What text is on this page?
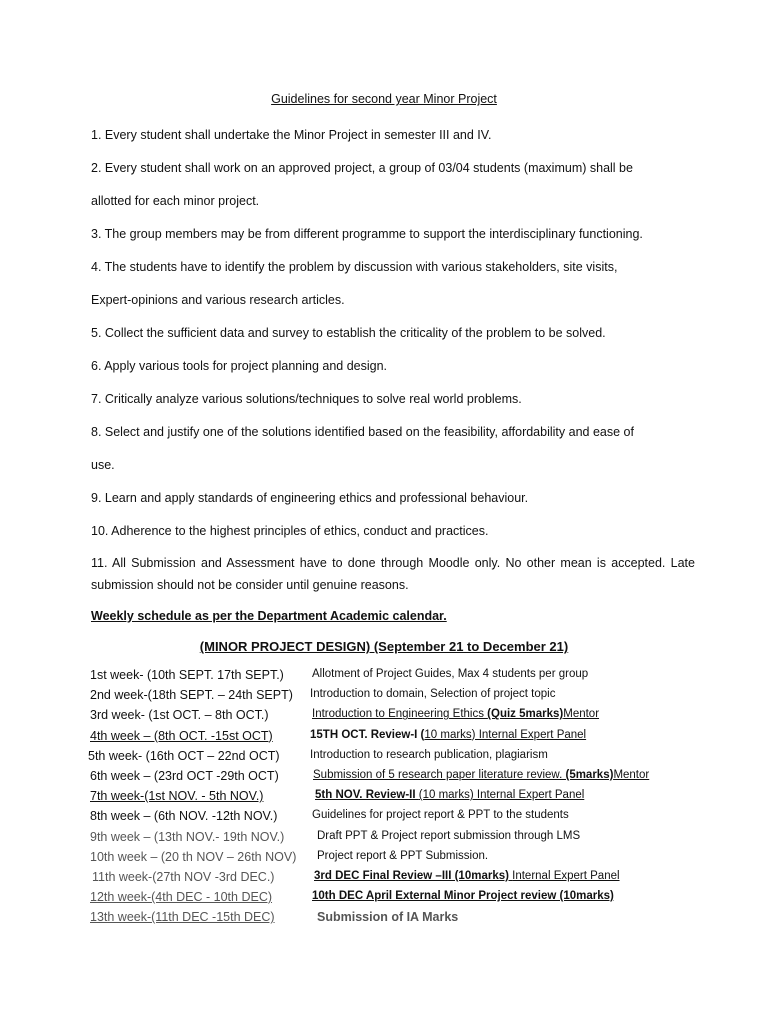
Guidelines for second year Minor Project
1. Every student shall undertake the Minor Project in semester III and IV.
2. Every student shall work on an approved project, a group of 03/04 students (maximum) shall be
allotted for each minor project.
3. The group members may be from different programme to support the interdisciplinary functioning.
4. The students have to identify the problem by discussion with various stakeholders, site visits,
Expert-opinions and various research articles.
5. Collect the sufficient data and survey to establish the criticality of the problem to be solved.
6. Apply various tools for project planning and design.
7. Critically analyze various solutions/techniques to solve real world problems.
8. Select and justify one of the solutions identified based on the feasibility, affordability and ease of
use.
9. Learn and apply standards of engineering ethics and professional behaviour.
10. Adherence to the highest principles of ethics, conduct and practices.
11. All Submission and Assessment have to done through Moodle only. No other mean is accepted. Late
submission should not be consider until genuine reasons.
Weekly schedule as per the Department Academic calendar.
(MINOR PROJECT DESIGN) (September 21 to December 21)
1st week- (10th SEPT. 17th SEPT.) Allotment of Project Guides, Max 4 students per group
2nd week-(18th SEPT. – 24th SEPT) Introduction to domain, Selection of project topic
3rd week- (1st OCT. – 8th OCT.)	Introduction to Engineering Ethics (Quiz 5marks)Mentor
4th week – (8th OCT. -15st OCT)	15TH OCT. Review-I (10 marks) Internal Expert Panel
5th week- (16th OCT – 22nd OCT)	Introduction to research publication, plagiarism
6th week – (23rd OCT -29th OCT)	Submission of 5 research paper literature review. (5marks)Mentor
7th week-(1st NOV. - 5th NOV.)	5th NOV. Review-II (10 marks) Internal Expert Panel
8th week – (6th NOV. -12th NOV.)	Guidelines for project report & PPT to the students
9th week – (13th NOV.- 19th NOV.)	Draft PPT & Project report submission through LMS
10th week – (20 th NOV – 26th NOV) Project report & PPT Submission.
11th week-(27th NOV -3rd DEC.)	3rd DEC Final Review –III (10marks) Internal Expert Panel
12th week-(4th DEC - 10th DEC)	10th DEC April External Minor Project review (10marks)
13th week-(11th DEC -15th DEC)	Submission of IA Marks
